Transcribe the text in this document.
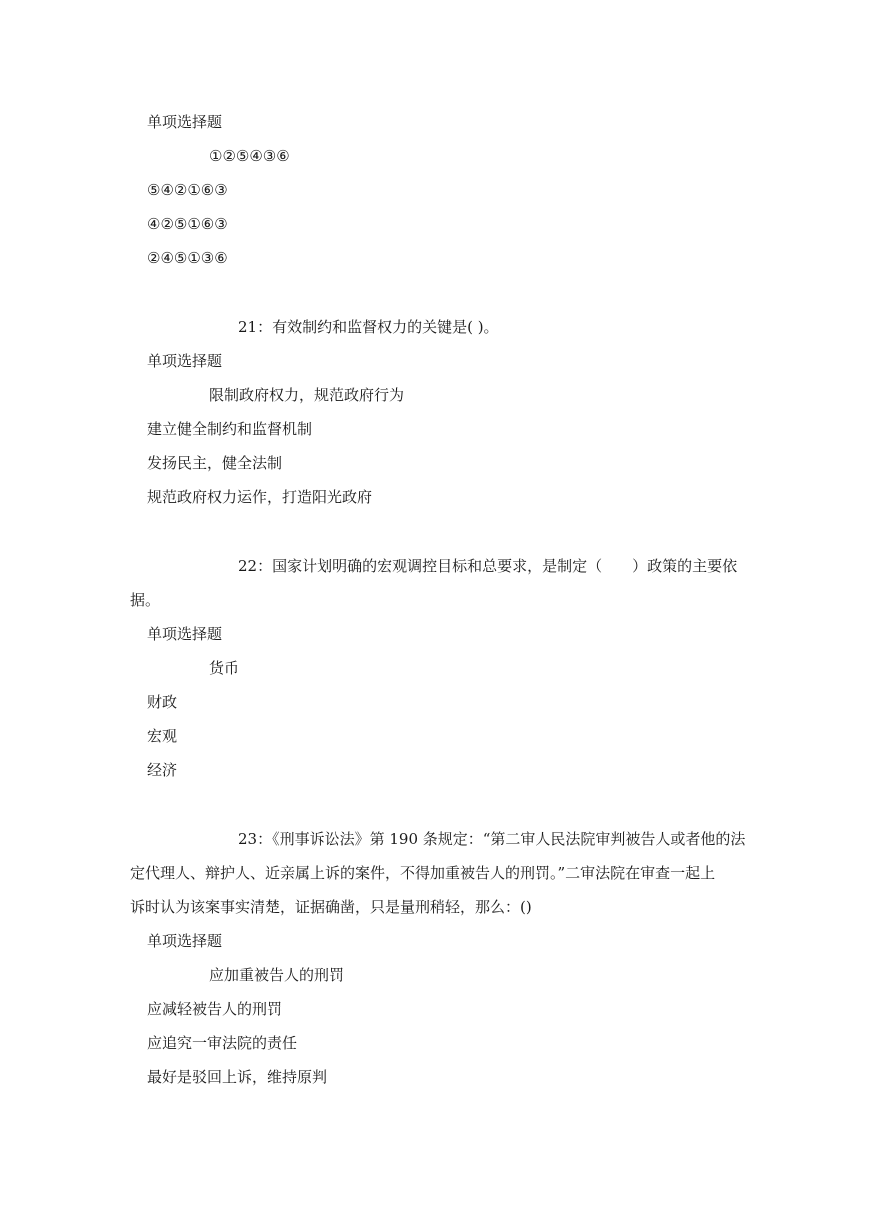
单项选择题
①②⑤④③⑥
⑤④②①⑥③
④②⑤①⑥③
②④⑤①③⑥
21：有效制约和监督权力的关键是( )。
单项选择题
限制政府权力，规范政府行为
建立健全制约和监督机制
发扬民主，健全法制
规范政府权力运作，打造阳光政府
22：国家计划明确的宏观调控目标和总要求，是制定（　　）政策的主要依
据。
单项选择题
货币
财政
宏观
经济
23：《刑事诉讼法》第 190 条规定：“第二审人民法院审判被告人或者他的法
定代理人、辩护人、近亲属上诉的案件，不得加重被告人的刑罚。”二审法院在审查一起上
诉时认为该案事实清楚，证据确凿，只是量刑稍轻，那么：()
单项选择题
应加重被告人的刑罚
应减轻被告人的刑罚
应追究一审法院的责任
最好是驳回上诉，维持原判
